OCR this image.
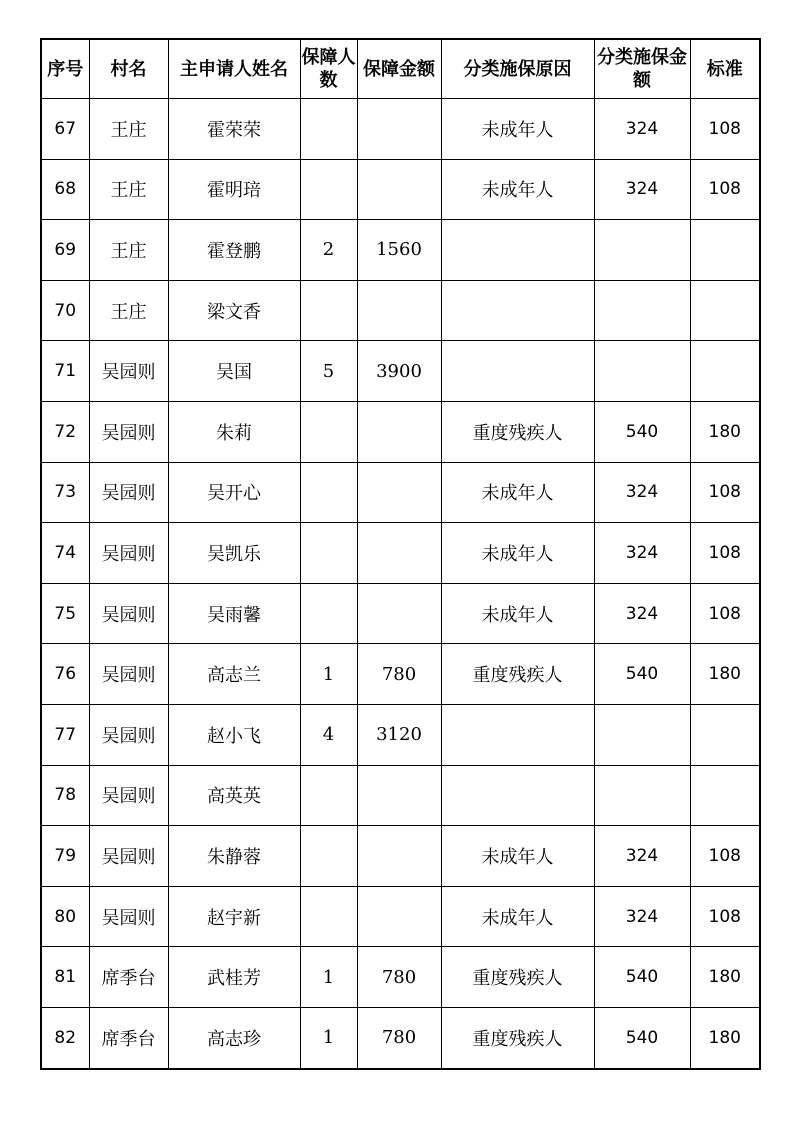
序号	村名	主申请人姓名	保障人数	保障金额	分类施保原因	分类施保金额	标准
67	王庄	霍荣荣			未成年人	324	108
68	王庄	霍明琣			未成年人	324	108
69	王庄	霍登鹏	2	1560			
70	王庄	梁文香					
71	吴园则	吴国	5	3900			
72	吴园则	朱莉			重度残疾人	540	180
73	吴园则	吴开心			未成年人	324	108
74	吴园则	吴凯乐			未成年人	324	108
75	吴园则	吴雨馨			未成年人	324	108
76	吴园则	高志兰	1	780	重度残疾人	540	180
77	吴园则	赵小飞	4	3120			
78	吴园则	高英英					
79	吴园则	朱静蓉			未成年人	324	108
80	吴园则	赵宇新			未成年人	324	108
81	席季台	武桂芳	1	780	重度残疾人	540	180
82	席季台	高志珍	1	780	重度残疾人	540	180
